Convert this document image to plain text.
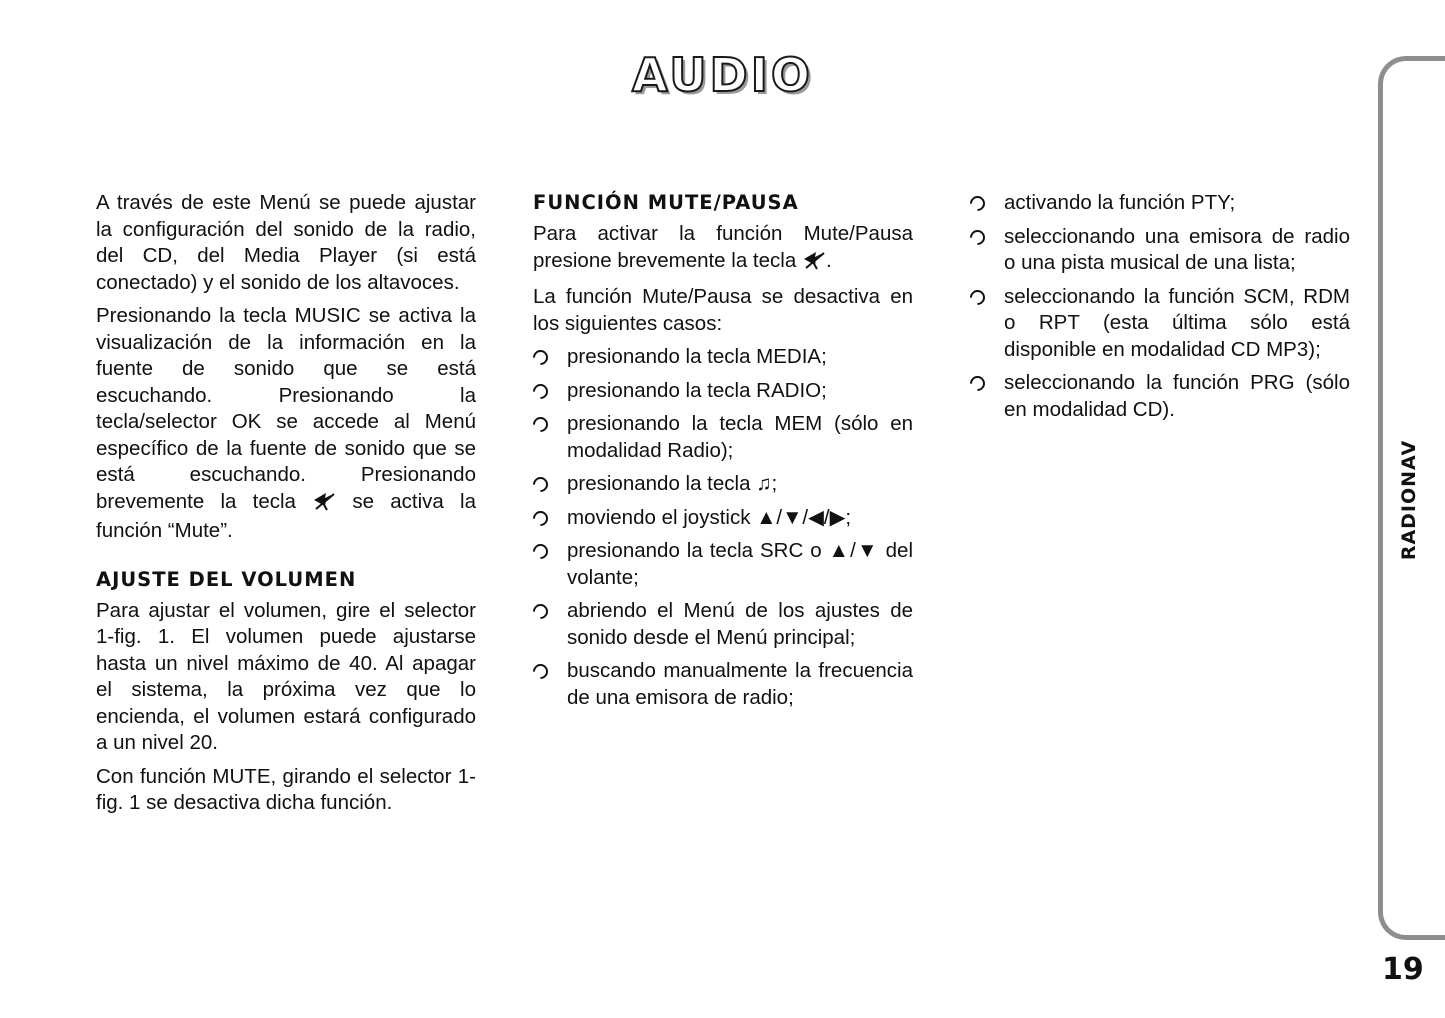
AUDIO

A través de este Menú se puede ajustar la configuración del sonido de la radio, del CD, del Media Player (si está conectado) y el sonido de los altavoces.

Presionando la tecla MUSIC se activa la visualización de la información en la fuente de sonido que se está escuchando. Presionando la tecla/selector OK se accede al Menú específico de la fuente de sonido que se está escuchando. Presionando brevemente la tecla  se activa la función “Mute”.

AJUSTE DEL VOLUMEN

Para ajustar el volumen, gire el selector 1-fig. 1. El volumen puede ajustarse hasta un nivel máximo de 40. Al apagar el sistema, la próxima vez que lo encienda, el volumen estará configurado a un nivel 20.

Con función MUTE, girando el selector 1-fig. 1 se desactiva dicha función.

FUNCIÓN MUTE/PAUSA

Para activar la función Mute/Pausa presione brevemente la tecla .

La función Mute/Pausa se desactiva en los siguientes casos:

presionando la tecla MEDIA;
presionando la tecla RADIO;
presionando la tecla MEM (sólo en modalidad Radio);
presionando la tecla ♫;
moviendo el joystick ▲/▼/◀/▶;
presionando la tecla SRC o ▲/▼ del volante;
abriendo el Menú de los ajustes de sonido desde el Menú principal;
buscando manualmente la frecuencia de una emisora de radio;
activando la función PTY;
seleccionando una emisora de radio o una pista musical de una lista;
seleccionando la función SCM, RDM o RPT (esta última sólo está disponible en modalidad CD MP3);
seleccionando la función PRG (sólo en modalidad CD).
RADIONAV
19
